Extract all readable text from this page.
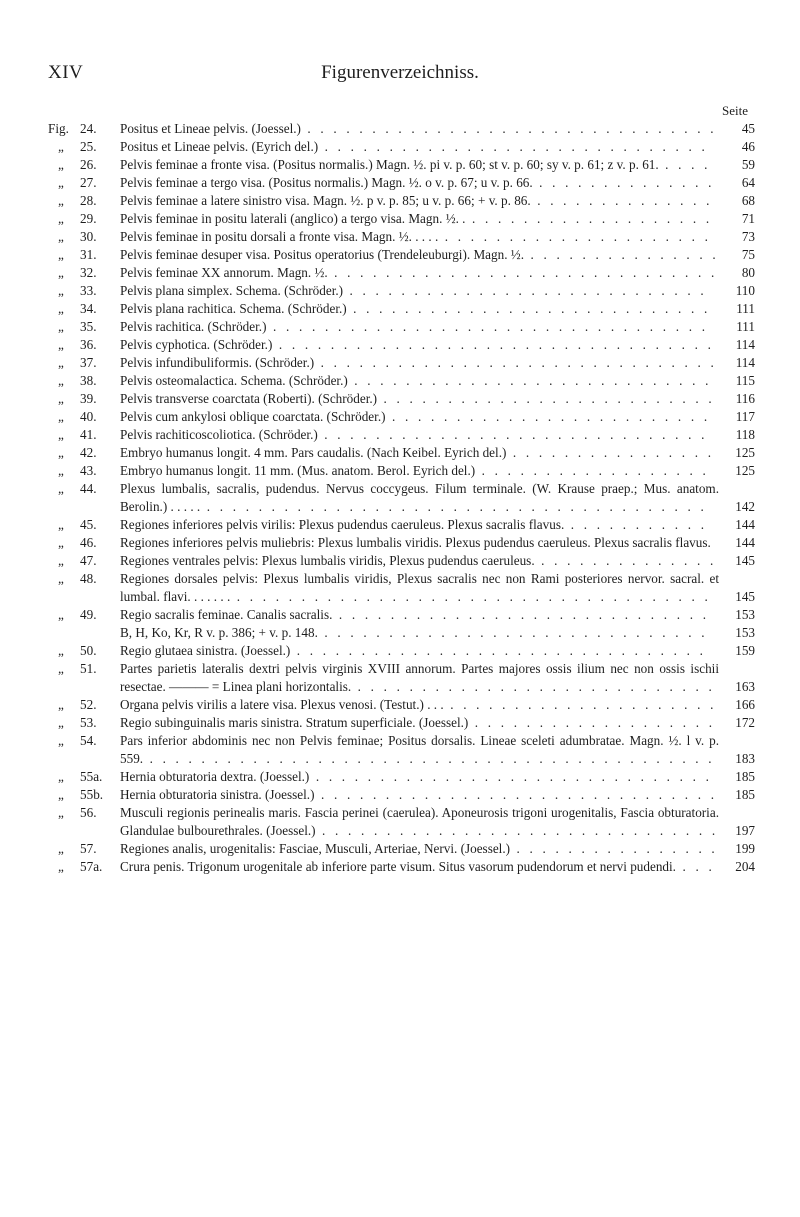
XIV	Figurenverzeichniss.
Seite
Fig. 24.	Positus et Lineae pelvis. (Joessel.) . . . . . . . . . . . . . . . . . . . . . . . . . . . . . . . .	45
„	25.	Positus et Lineae pelvis. (Eyrich del.) . . . . . . . . . . . . . . . . . . . . . . . . . . . . . .	46
„	26.	Pelvis feminae a fronte visa. (Positus normalis.) Magn. ½. pi v. p. 60; st v. p. 60; sy v. p. 61; z v. p. 61. . . . .	59
„	27.	Pelvis feminae a tergo visa. (Positus normalis.) Magn. ½. o v. p. 67; u v. p. 66. . . . . . . . . . . . . . .	64
„	28.	Pelvis feminae a latere sinistro visa. Magn. ½. p v. p. 85; u v. p. 66; + v. p. 86. . . . . . . . . . . . . . .	68
„	29.	Pelvis feminae in positu laterali (anglico) a tergo visa. Magn. ½. . . . . . . . . . . . . . . . . . . . .	71
„	30.	Pelvis feminae in positu dorsali a fronte visa. Magn. ½. . . . . . . . . . . . . . . . . . . . . . . . . .	73
„	31.	Pelvis feminae desuper visa. Positus operatorius (Trendeleuburgi). Magn. ½. . . . . . . . . . . . . . . .	75
„	32.	Pelvis feminae XX annorum. Magn. ½. . . . . . . . . . . . . . . . . . . . . . . . . . . . . . .	80
„	33.	Pelvis plana simplex. Schema. (Schröder.) . . . . . . . . . . . . . . . . . . . . . . . . . . . .	110
„	34.	Pelvis plana rachitica. Schema. (Schröder.) . . . . . . . . . . . . . . . . . . . . . . . . . . . .	111
„	35.	Pelvis rachitica. (Schröder.) . . . . . . . . . . . . . . . . . . . . . . . . . . . . . . . . . .	111
„	36.	Pelvis cyphotica. (Schröder.) . . . . . . . . . . . . . . . . . . . . . . . . . . . . . . . . . .	114
„	37.	Pelvis infundibuliformis. (Schröder.) . . . . . . . . . . . . . . . . . . . . . . . . . . . . . . .	114
„	38.	Pelvis osteomalactica. Schema. (Schröder.) . . . . . . . . . . . . . . . . . . . . . . . . . . . .	115
„	39.	Pelvis transverse coarctata (Roberti). (Schröder.) . . . . . . . . . . . . . . . . . . . . . . . . . .	116
„	40.	Pelvis cum ankylosi oblique coarctata. (Schröder.) . . . . . . . . . . . . . . . . . . . . . . . . .	117
„	41.	Pelvis rachiticoscoliotica. (Schröder.) . . . . . . . . . . . . . . . . . . . . . . . . . . . . . .	118
„	42.	Embryo humanus longit. 4 mm. Pars caudalis. (Nach Keibel. Eyrich del.) . . . . . . . . . . . . . . . .	125
„	43.	Embryo humanus longit. 11 mm. (Mus. anatom. Berol. Eyrich del.) . . . . . . . . . . . . . . . . . .	125
„	44.	Plexus lumbalis, sacralis, pudendus. Nervus coccygeus. Filum terminale. (W. Krause praep.; Mus. anatom. Berolin.) . . . . . . . . . . . . . . . . . . . . . . . . . . . . . . . . . . . . . . . . . . . .	142
„	45.	Regiones inferiores pelvis virilis: Plexus pudendus caeruleus. Plexus sacralis flavus. . . . . . . . . . . .	144
„	46.	Regiones inferiores pelvis muliebris: Plexus lumbalis viridis. Plexus pudendus caeruleus. Plexus sacralis flavus.	144
„	47.	Regiones ventrales pelvis: Plexus lumbalis viridis, Plexus pudendus caeruleus. . . . . . . . . . . . . . .	145
„	48.	Regiones dorsales pelvis: Plexus lumbalis viridis, Plexus sacralis nec non Rami posteriores nervor. sacral. et lumbal. flavi. . . . . . . . . . . . . . . . . . . . . . . . . . . . . . . . . . . . . . . . . . . .	145
„	49.	Regio sacralis feminae. Canalis sacralis. . . . . . . . . . . . . . . . . . . . . . . . . . . . . .	153
B, H, Ko, Kr, R v. p. 386; + v. p. 148. . . . . . . . . . . . . . . . . . . . . . . . . . . . . . .	153
„	50.	Regio glutaea sinistra. (Joessel.) . . . . . . . . . . . . . . . . . . . . . . . . . . . . . . . .	159
„	51.	Partes parietis lateralis dextri pelvis virginis XVIII annorum. Partes majores ossis ilium nec non ossis ischii resectae. ——— = Linea plani horizontalis. . . . . . . . . . . . . . . . . . . . . . . . . . . . .	163
„	52.	Organa pelvis virilis a latere visa. Plexus venosi. (Testut.) . . . . . . . . . . . . . . . . . . . . . . . .	166
„	53.	Regio subinguinalis maris sinistra. Stratum superficiale. (Joessel.) . . . . . . . . . . . . . . . . . . .	172
„	54.	Pars inferior abdominis nec non Pelvis feminae; Positus dorsalis. Lineae sceleti adumbratae. Magn. ½. l v. p. 559. . . . . . . . . . . . . . . . . . . . . . . . . . . . . . . . . . . . . . . . . . . . .	183
„	55a.	Hernia obturatoria dextra. (Joessel.) . . . . . . . . . . . . . . . . . . . . . . . . . . . . . . .	185
„	55b.	Hernia obturatoria sinistra. (Joessel.) . . . . . . . . . . . . . . . . . . . . . . . . . . . . . . .	185
„	56.	Musculi regionis perinealis maris. Fascia perinei (caerulea). Aponeurosis trigoni urogenitalis, Fascia obturatoria. Glandulae bulbourethrales. (Joessel.) . . . . . . . . . . . . . . . . . . . . . . . . . . . . . . .	197
„	57.	Regiones analis, urogenitalis: Fasciae, Musculi, Arteriae, Nervi. (Joessel.) . . . . . . . . . . . . . . . .	199
„	57a.	Crura penis. Trigonum urogenitale ab inferiore parte visum. Situs vasorum pudendorum et nervi pudendi. . . .	204
